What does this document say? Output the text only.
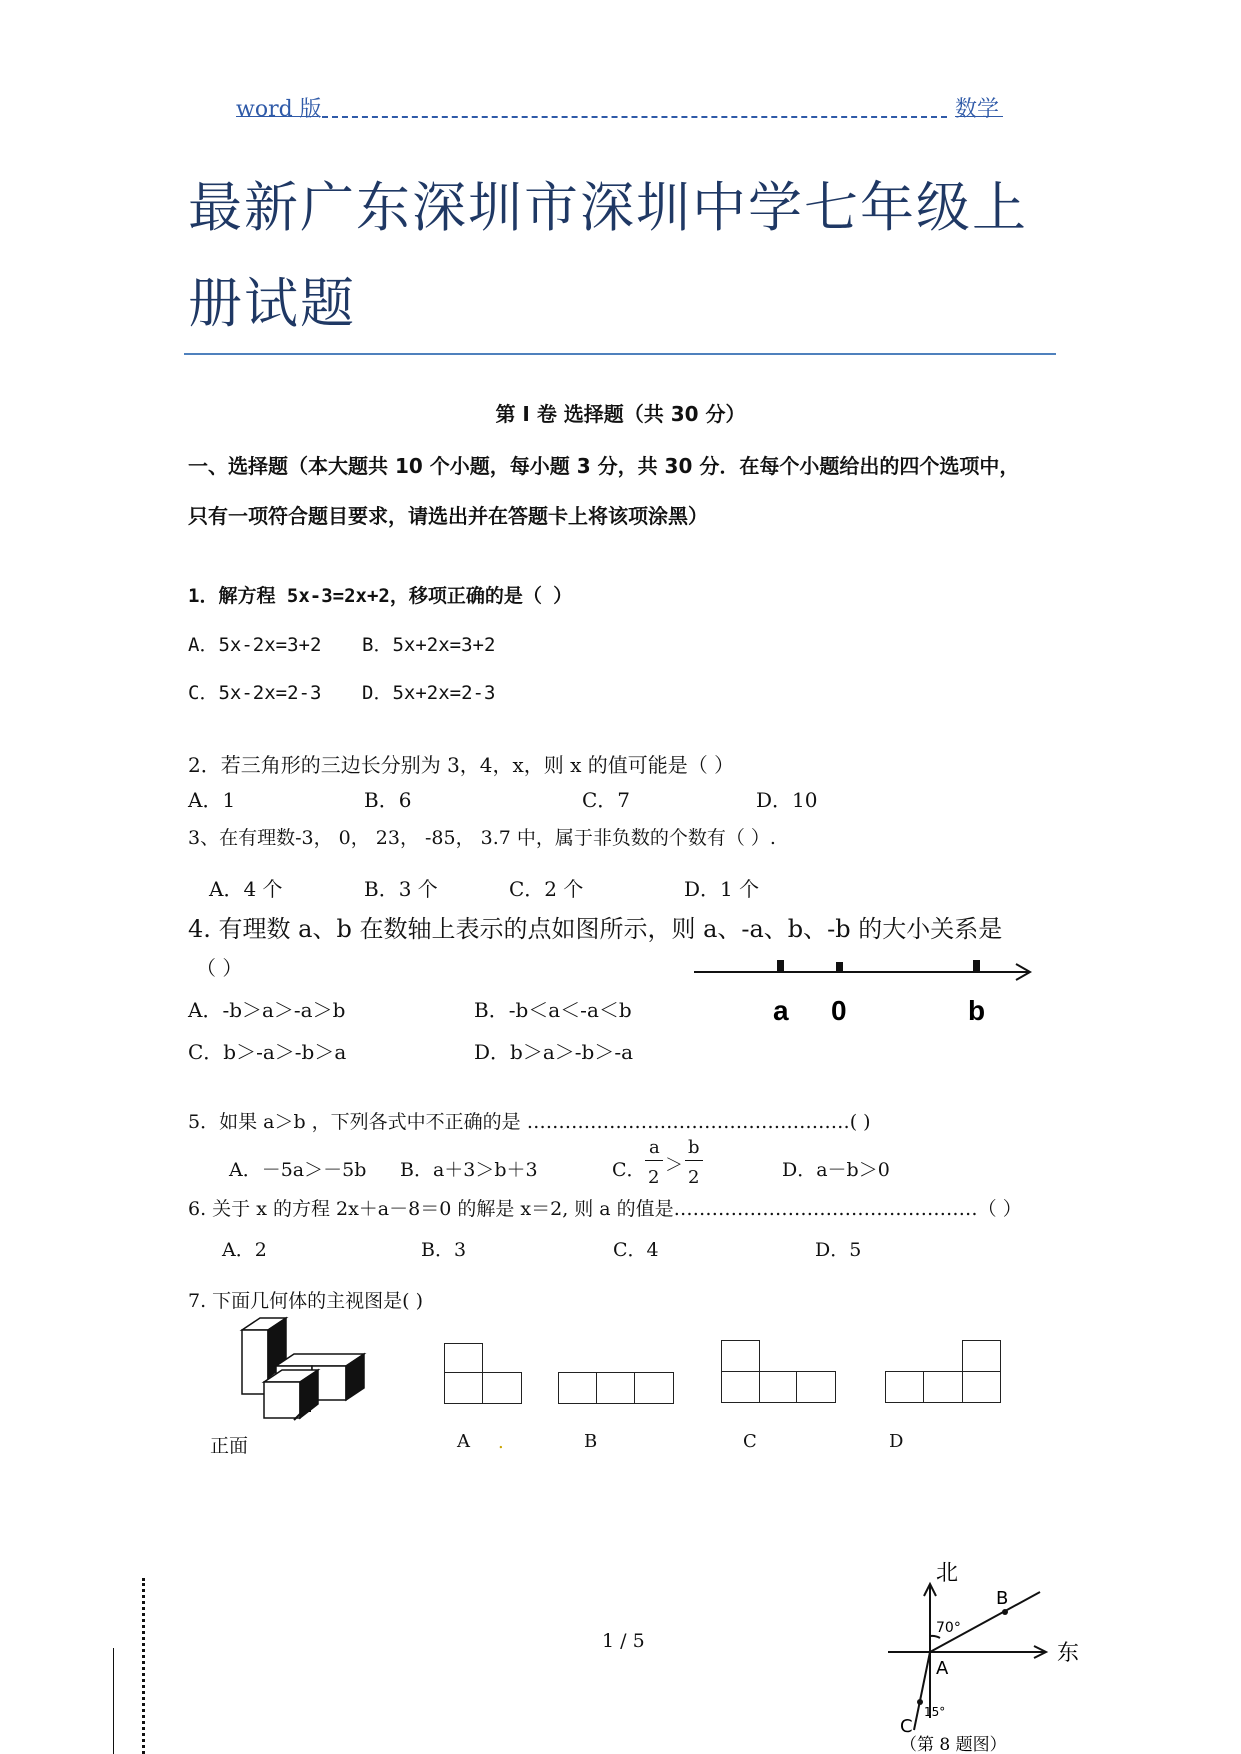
word 版	数学
最新广东深圳市深圳中学七年级上
册试题
第 I 卷 选择题（共 30 分）
一、选择题（本大题共 10 个小题，每小题 3 分，共 30 分．在每个小题给出的四个选项中，
只有一项符合题目要求，请选出并在答题卡上将该项涂黑）
1．解方程 5x-3=2x+2，移项正确的是（ ）
A．5x-2x=3+2 B．5x+2x=3+2
C．5x-2x=2-3 D．5x+2x=2-3
2．若三角形的三边长分别为 3，4，x，则 x 的值可能是（ ）
A．1	B．6	C．7	D．10
3、在有理数-3， 0， 23， -85， 3.7 中，属于非负数的个数有（ ）.
A．4 个	B．3 个	C．2 个	D．1 个
4. 有理数 a、b 在数轴上表示的点如图所示，则 a、-a、b、-b 的大小关系是
（ ）
A．-b＞a＞-a＞b	B．-b＜a＜-a＜b
C．b＞-a＞-b＞a	D．b＞a＞-b＞-a
a 0	b
5．如果 a＞b ，下列各式中不正确的是 ……………………………………………( )
A．－5a＞－5b B．a＋3＞b＋3	C．
a
2
＞
b
2	D．a－b＞0
6. 关于 x 的方程 2x＋a－8＝0 的解是 x＝2, 则 a 的值是…………………………………………（ ）
A．2	B．3	C．4	D．5
7. 下面几何体的主视图是( )
正面	A .	B	C	D
1 / 5
北
东
A
B
C
70°
15°
（第 8 题图）
